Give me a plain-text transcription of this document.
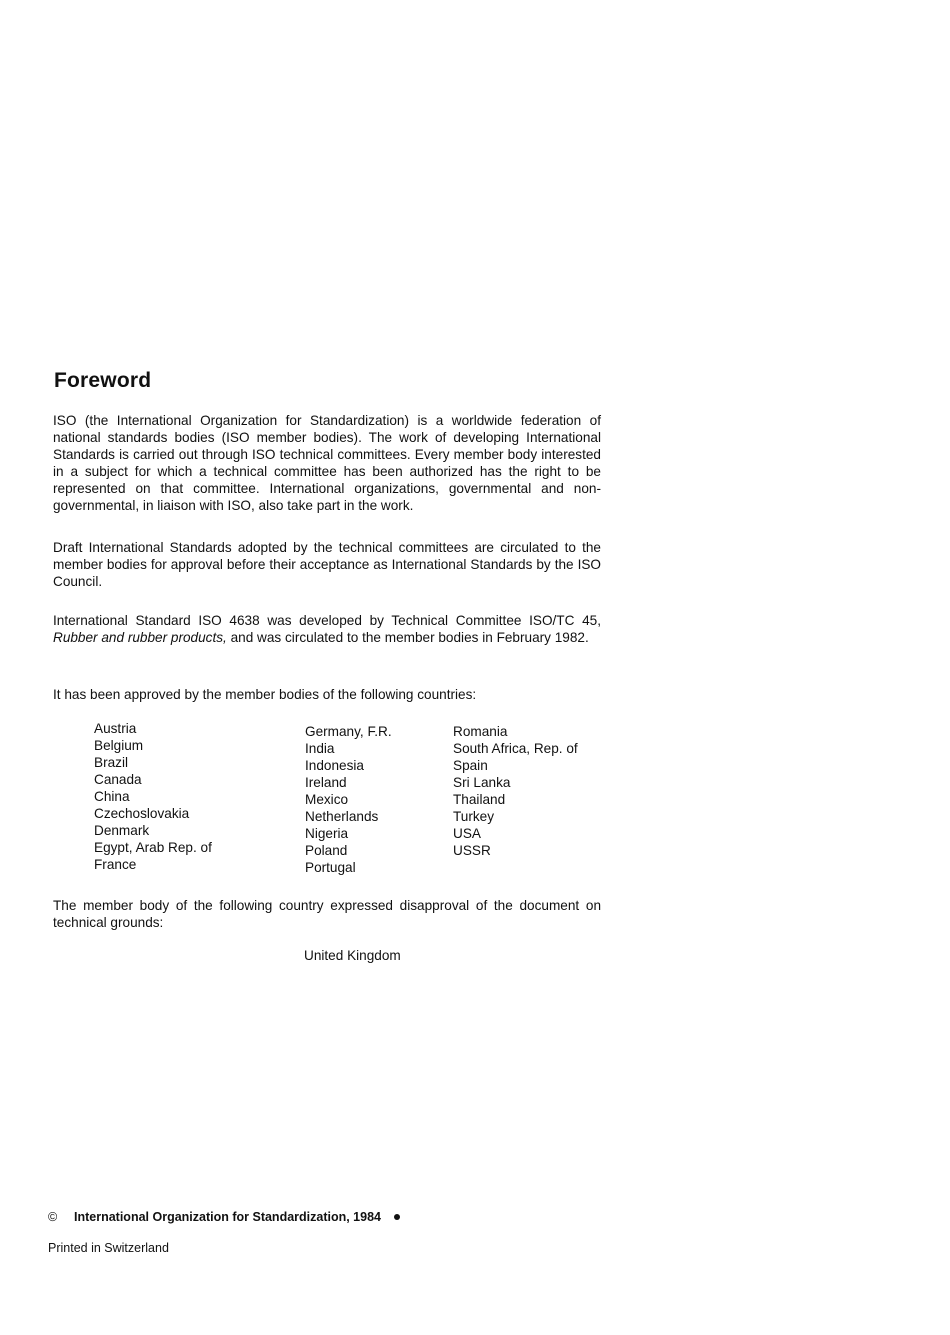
Foreword

ISO (the International Organization for Standardization) is a worldwide federation of national standards bodies (ISO member bodies). The work of developing International Standards is carried out through ISO technical committees. Every member body interested in a subject for which a technical committee has been authorized has the right to be represented on that committee. International organizations, governmental and non-governmental, in liaison with ISO, also take part in the work.

Draft International Standards adopted by the technical committees are circulated to the member bodies for approval before their acceptance as International Standards by the ISO Council.

International Standard ISO 4638 was developed by Technical Committee ISO/TC 45, Rubber and rubber products, and was circulated to the member bodies in February 1982.

It has been approved by the member bodies of the following countries:

Austria
Belgium
Brazil
Canada
China
Czechoslovakia
Denmark
Egypt, Arab Rep. of
France
Germany, F.R.
India
Indonesia
Ireland
Mexico
Netherlands
Nigeria
Poland
Portugal
Romania
South Africa, Rep. of
Spain
Sri Lanka
Thailand
Turkey
USA
USSR

The member body of the following country expressed disapproval of the document on technical grounds:

United Kingdom

©	International Organization for Standardization, 1984

Printed in Switzerland
